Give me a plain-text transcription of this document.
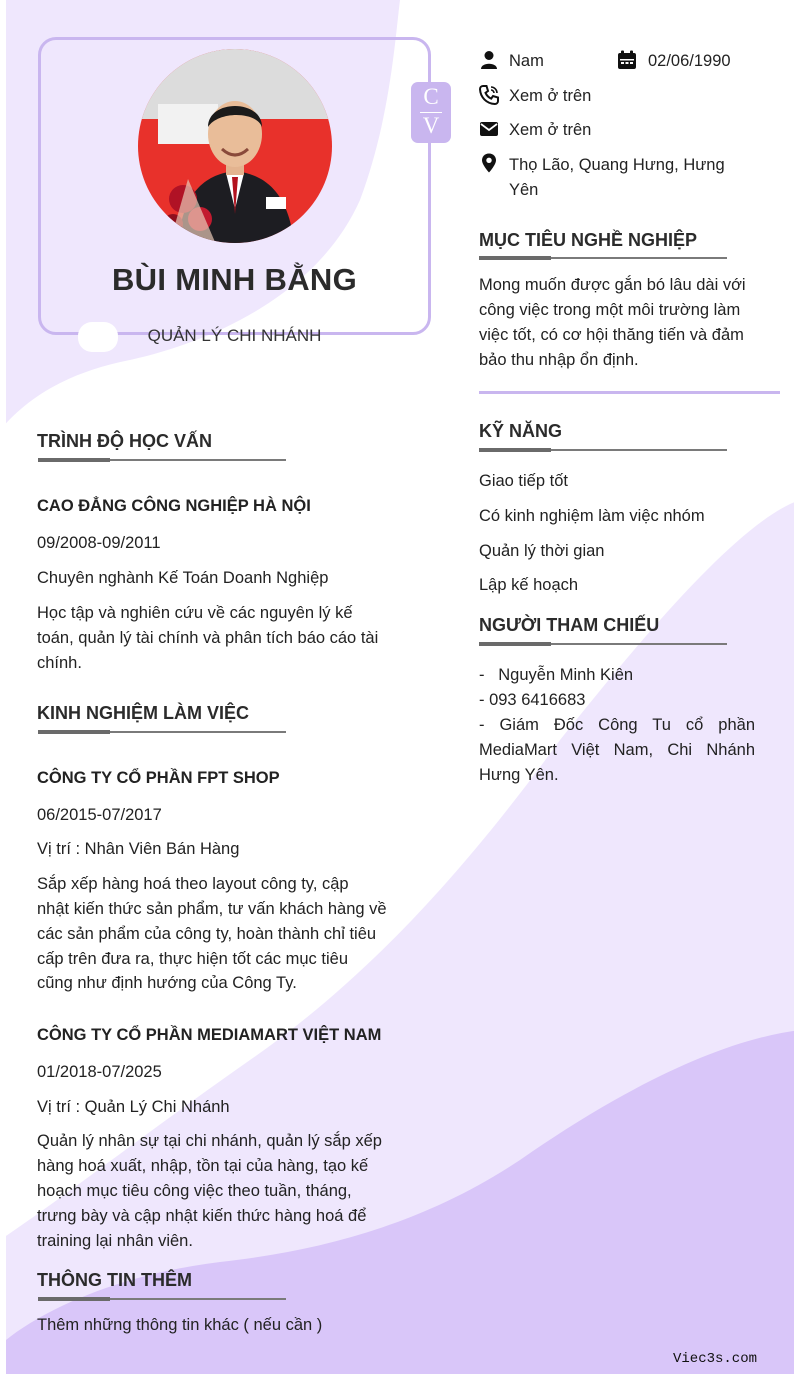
BÙI MINH BẰNG
QUẢN LÝ CHI NHÁNH
C
V
Nam	02/06/1990
Xem ở trên
Xem ở trên
Thọ Lão, Quang Hưng, Hưng
Yên
MỤC TIÊU NGHỀ NGHIỆP
Mong muốn được gắn bó lâu dài với
công việc trong một môi trường làm
việc tốt, có cơ hội thăng tiến và đảm
bảo thu nhập ổn định.
KỸ NĂNG
Giao tiếp tốt
Có kinh nghiệm làm việc nhóm
Quản lý thời gian
Lập kế hoạch
NGƯỜI THAM CHIẾU
-   Nguyễn Minh Kiên
- 093 6416683
- Giám Đốc Công Tu cổ phần MediaMart Việt Nam, Chi Nhánh Hưng Yên.
TRÌNH ĐỘ HỌC VẤN
CAO ĐẲNG CÔNG NGHIỆP HÀ NỘI
09/2008-09/2011
Chuyên nghành Kế Toán Doanh Nghiệp
Học tập và nghiên cứu về các nguyên lý kế
toán, quản lý tài chính và phân tích báo cáo tài
chính.
KINH NGHIỆM LÀM VIỆC
CÔNG TY CỔ PHẦN FPT SHOP
06/2015-07/2017
Vị trí : Nhân Viên Bán Hàng
Sắp xếp hàng hoá theo layout công ty, cập
nhật kiến thức sản phẩm, tư vấn khách hàng về
các sản phẩm của công ty, hoàn thành chỉ tiêu
cấp trên đưa ra, thực hiện tốt các mục tiêu
cũng như định hướng của Công Ty.
CÔNG TY CỔ PHẦN MEDIAMART VIỆT NAM
01/2018-07/2025
Vị trí : Quản Lý Chi Nhánh
Quản lý nhân sự tại chi nhánh, quản lý sắp xếp
hàng hoá xuất, nhập, tồn tại của hàng, tạo kế
hoạch mục tiêu công việc theo tuần, tháng,
trưng bày và cập nhật kiến thức hàng hoá để
training lại nhân viên.
THÔNG TIN THÊM
Thêm những thông tin khác ( nếu cần )
Viec3s.com
